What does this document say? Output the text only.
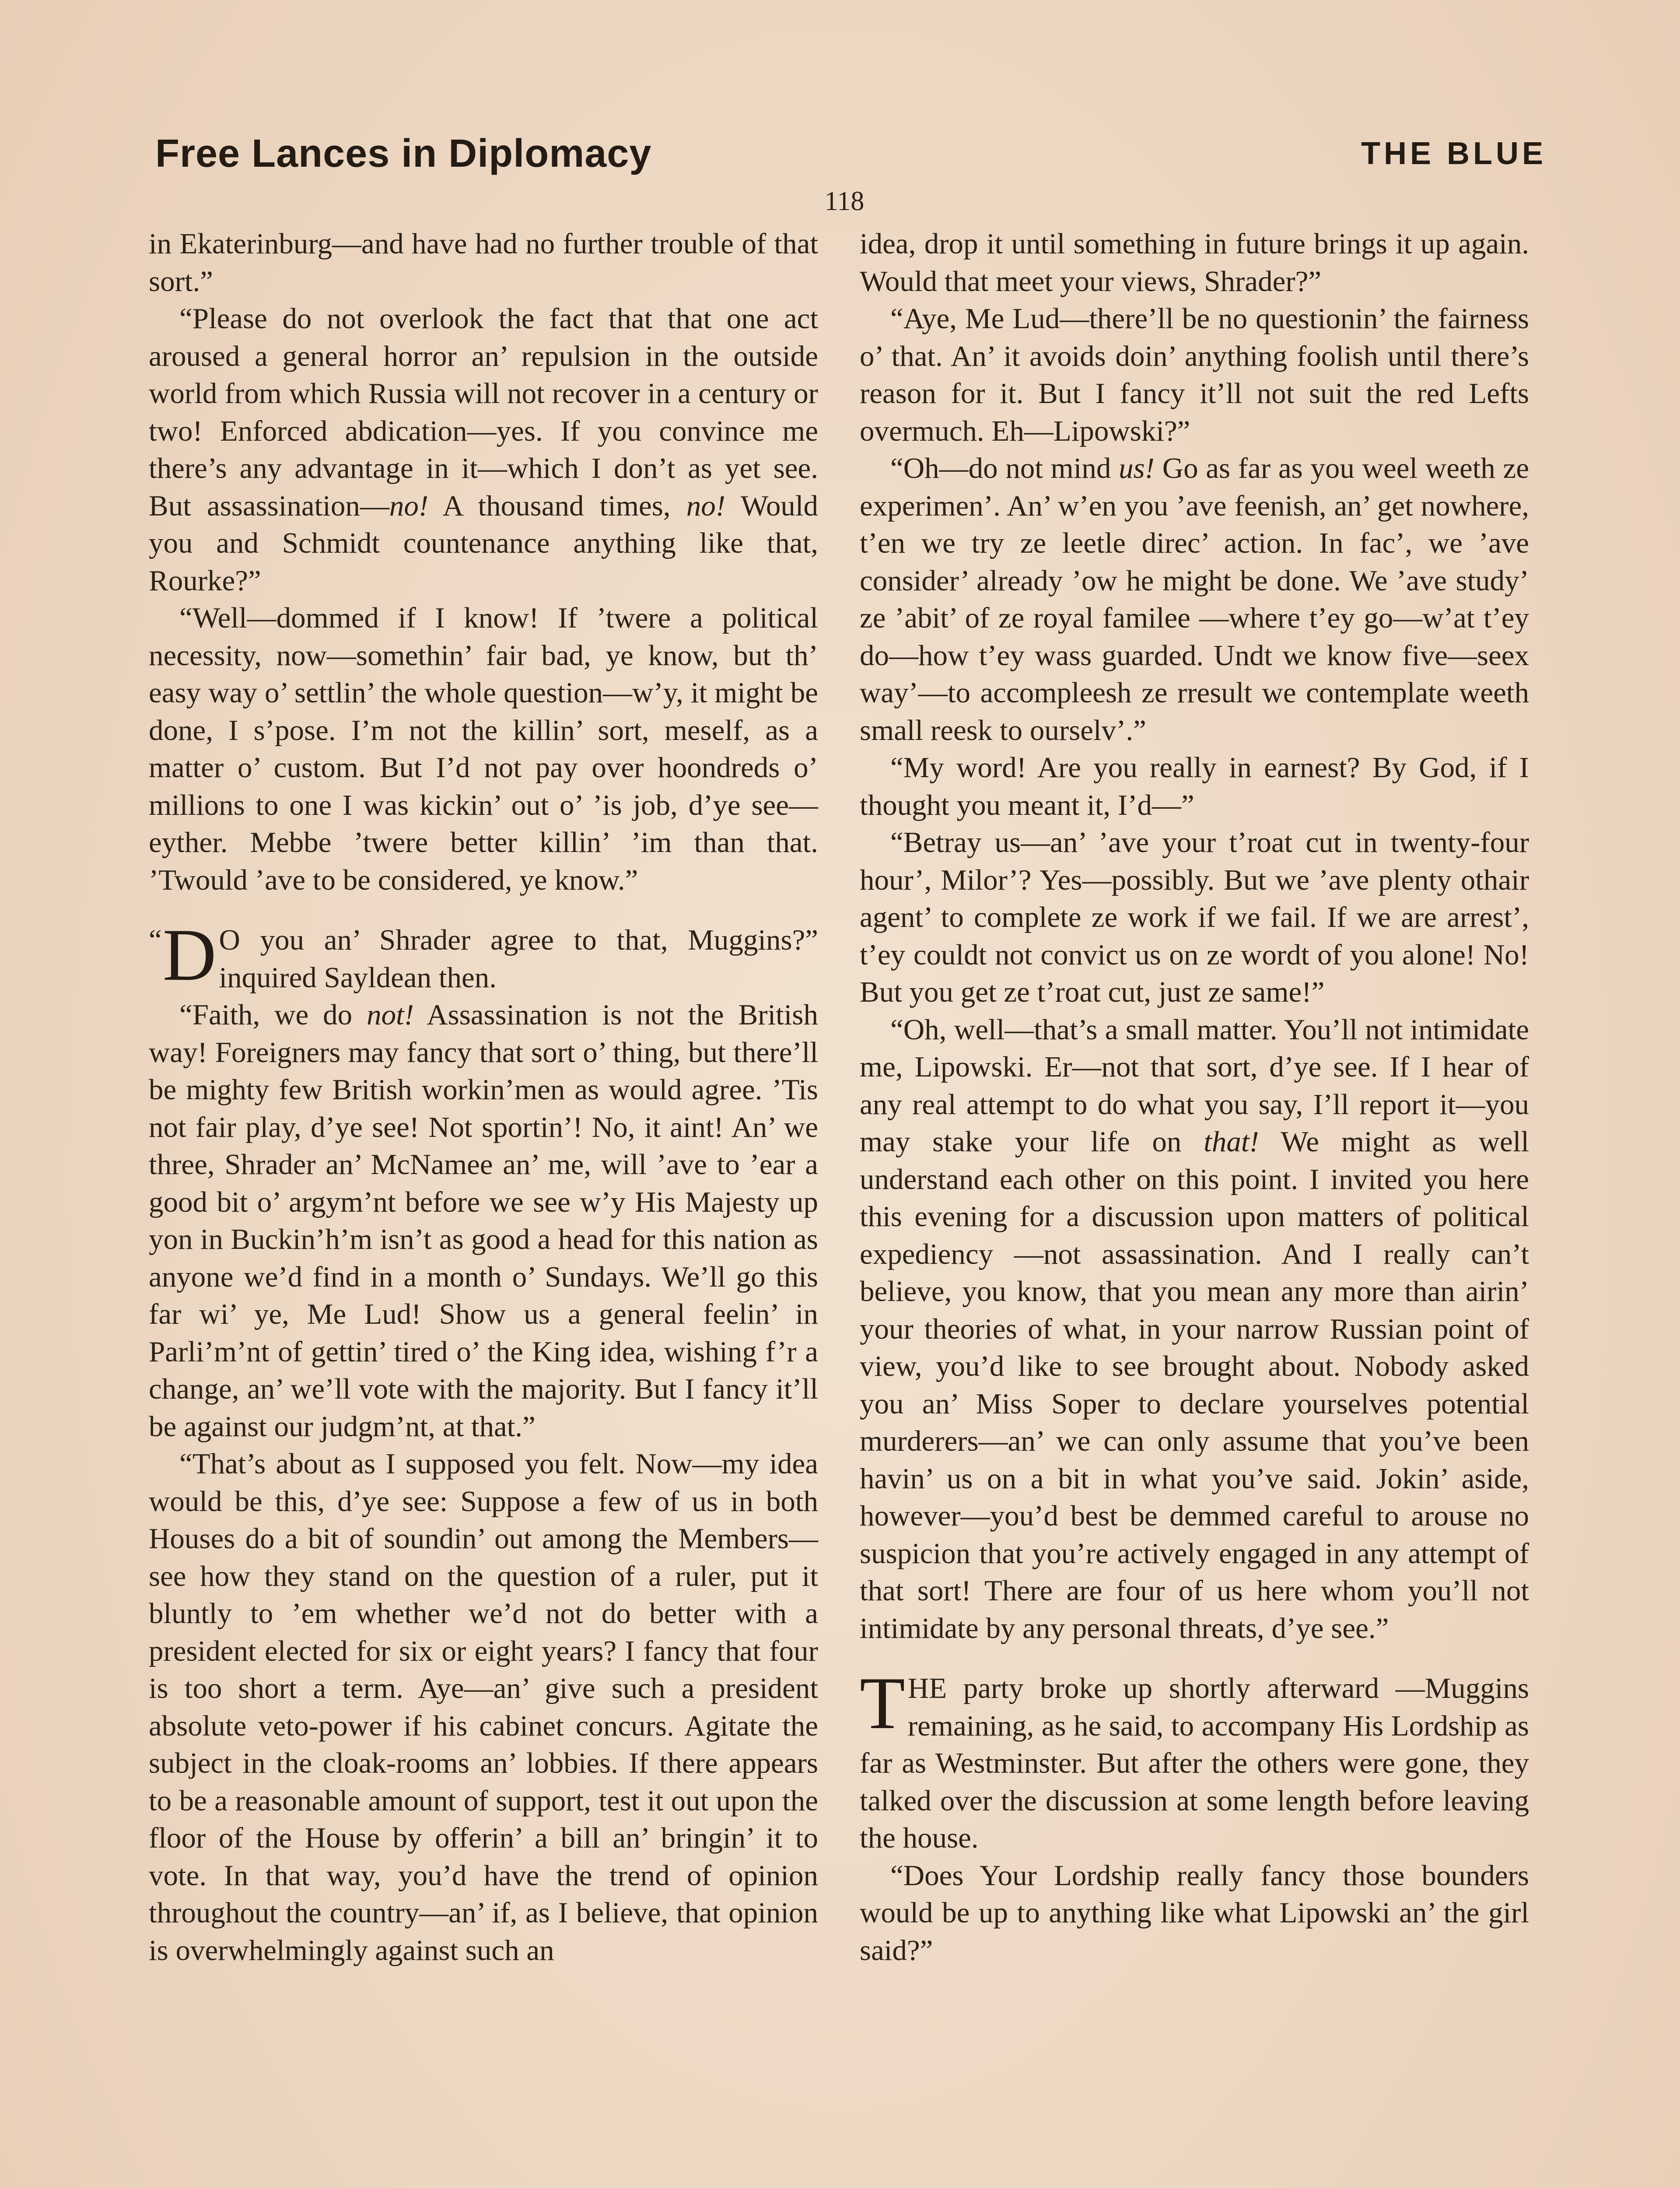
Free Lances in Diplomacy	THE BLUE
118

in Ekaterinburg—and have had no further trouble of that sort.”

“Please do not overlook the fact that that one act aroused a general horror an’ repulsion in the outside world from which Russia will not recover in a century or two! Enforced abdication—yes. If you convince me there’s any advantage in it—which I don’t as yet see. But assassination—no! A thousand times, no! Would you and Schmidt countenance anything like that, Rourke?”

“Well—dommed if I know! If ’twere a political necessity, now—somethin’ fair bad, ye know, but th’ easy way o’ settlin’ the whole question—w’y, it might be done, I s’pose. I’m not the killin’ sort, meself, as a matter o’ custom. But I’d not pay over hoondreds o’ millions to one I was kickin’ out o’ ’is job, d’ye see—eyther. Mebbe ’twere better killin’ ’im than that. ’Twould ’ave to be considered, ye know.”

“ D O you an’ Shrader agree to that, Muggins?” inquired Sayldean then.

“Faith, we do not! Assassination is not the British way! Foreigners may fancy that sort o’ thing, but there’ll be mighty few British workin’men as would agree. ’Tis not fair play, d’ye see! Not sportin’! No, it aint! An’ we three, Shrader an’ McNamee an’ me, will ’ave to ’ear a good bit o’ argym’nt before we see w’y His Majesty up yon in Buckin’h’m isn’t as good a head for this nation as anyone we’d find in a month o’ Sundays. We’ll go this far wi’ ye, Me Lud! Show us a general feelin’ in Parli’m’nt of gettin’ tired o’ the King idea, wishing f’r a change, an’ we’ll vote with the majority. But I fancy it’ll be against our judgm’nt, at that.”

“That’s about as I supposed you felt. Now—my idea would be this, d’ye see: Suppose a few of us in both Houses do a bit of soundin’ out among the Members—see how they stand on the question of a ruler, put it bluntly to ’em whether we’d not do better with a president elected for six or eight years? I fancy that four is too short a term. Aye—an’ give such a president absolute veto-power if his cabinet concurs. Agitate the subject in the cloak-rooms an’ lobbies. If there appears to be a reasonable amount of support, test it out upon the floor of the House by offerin’ a bill an’ bringin’ it to vote. In that way, you’d have the trend of opinion throughout the country—an’ if, as I believe, that opinion is overwhelmingly against such an

idea, drop it until something in future brings it up again. Would that meet your views, Shrader?”

“Aye, Me Lud—there’ll be no questionin’ the fairness o’ that. An’ it avoids doin’ anything foolish until there’s reason for it. But I fancy it’ll not suit the red Lefts overmuch. Eh—Lipowski?”

“Oh—do not mind us! Go as far as you weel weeth ze experimen’. An’ w’en you ’ave feenish, an’ get nowhere, t’en we try ze leetle direc’ action. In fac’, we ’ave consider’ already ’ow he might be done. We ’ave study’ ze ’abit’ of ze royal familee —where t’ey go—w’at t’ey do—how t’ey wass guarded. Undt we know five—seex way’—to accompleesh ze rresult we contemplate weeth small reesk to ourselv’.”

“My word! Are you really in earnest? By God, if I thought you meant it, I’d—”

“Betray us—an’ ’ave your t’roat cut in twenty-four hour’, Milor’? Yes—possibly. But we ’ave plenty othair agent’ to complete ze work if we fail. If we are arrest’, t’ey couldt not convict us on ze wordt of you alone! No! But you get ze t’roat cut, just ze same!”

“Oh, well—that’s a small matter. You’ll not intimidate me, Lipowski. Er—not that sort, d’ye see. If I hear of any real attempt to do what you say, I’ll report it—you may stake your life on that! We might as well understand each other on this point. I invited you here this evening for a discussion upon matters of political expediency —not assassination. And I really can’t believe, you know, that you mean any more than airin’ your theories of what, in your narrow Russian point of view, you’d like to see brought about. Nobody asked you an’ Miss Soper to declare yourselves potential murderers—an’ we can only assume that you’ve been havin’ us on a bit in what you’ve said. Jokin’ aside, however—you’d best be demmed careful to arouse no suspicion that you’re actively engaged in any attempt of that sort! There are four of us here whom you’ll not intimidate by any personal threats, d’ye see.”

THE party broke up shortly afterward —Muggins remaining, as he said, to accompany His Lordship as far as Westminster. But after the others were gone, they talked over the discussion at some length before leaving the house.

“Does Your Lordship really fancy those bounders would be up to anything like what Lipowski an’ the girl said?”
